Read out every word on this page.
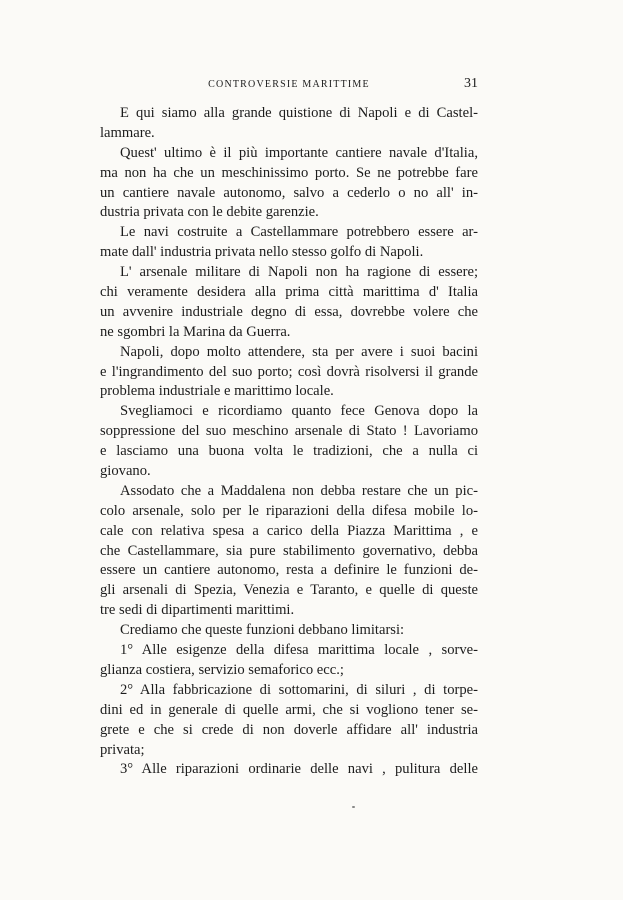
CONTROVERSIE MARITTIME	31
E qui siamo alla grande quistione di Napoli e di Castel-
lammare.
Quest' ultimo è il più importante cantiere navale d'Italia,
ma non ha che un meschinissimo porto. Se ne potrebbe fare
un cantiere navale autonomo, salvo a cederlo o no all' in-
dustria privata con le debite garenzie.
Le navi costruite a Castellammare potrebbero essere ar-
mate dall' industria privata nello stesso golfo di Napoli.
L' arsenale militare di Napoli non ha ragione di essere;
chi veramente desidera alla prima città marittima d' Italia
un avvenire industriale degno di essa, dovrebbe volere che
ne sgombri la Marina da Guerra.
Napoli, dopo molto attendere, sta per avere i suoi bacini
e l'ingrandimento del suo porto; così dovrà risolversi il grande
problema industriale e marittimo locale.
Svegliamoci e ricordiamo quanto fece Genova dopo la
soppressione del suo meschino arsenale di Stato ! Lavoriamo
e lasciamo una buona volta le tradizioni, che a nulla ci
giovano.
Assodato che a Maddalena non debba restare che un pic-
colo arsenale, solo per le riparazioni della difesa mobile lo-
cale con relativa spesa a carico della Piazza Marittima , e
che Castellammare, sia pure stabilimento governativo, debba
essere un cantiere autonomo, resta a definire le funzioni de-
gli arsenali di Spezia, Venezia e Taranto, e quelle di queste
tre sedi di dipartimenti marittimi.
Crediamo che queste funzioni debbano limitarsi:
1° Alle esigenze della difesa marittima locale , sorve-
glianza costiera, servizio semaforico ecc.;
2° Alla fabbricazione di sottomarini, di siluri , di torpe-
dini ed in generale di quelle armi, che si vogliono tener se-
grete e che si crede di non doverle affidare all' industria
privata;
3° Alle riparazioni ordinarie delle navi , pulitura delle
